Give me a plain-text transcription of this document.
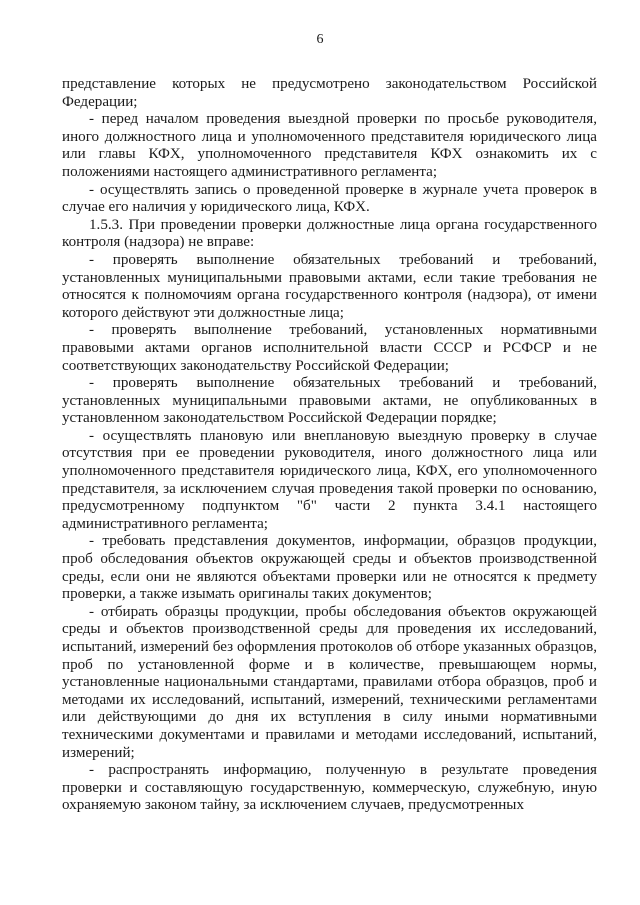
6

представление которых не предусмотрено законодательством Российской Федерации;

- перед началом проведения выездной проверки по просьбе руководителя, иного должностного лица и уполномоченного представителя юридического лица или главы КФХ, уполномоченного представителя КФХ ознакомить их с положениями настоящего административного регламента;

- осуществлять запись о проведенной проверке в журнале учета проверок в случае его наличия у юридического лица, КФХ.

1.5.3. При проведении проверки должностные лица органа государственного контроля (надзора) не вправе:

- проверять выполнение обязательных требований и требований, установленных муниципальными правовыми актами, если такие требования не относятся к полномочиям органа государственного контроля (надзора), от имени которого действуют эти должностные лица;

- проверять выполнение требований, установленных нормативными правовыми актами органов исполнительной власти СССР и РСФСР и не соответствующих законодательству Российской Федерации;

- проверять выполнение обязательных требований и требований, установленных муниципальными правовыми актами, не опубликованных в установленном законодательством Российской Федерации порядке;

- осуществлять плановую или внеплановую выездную проверку в случае отсутствия при ее проведении руководителя, иного должностного лица или уполномоченного представителя юридического лица, КФХ, его уполномоченного представителя, за исключением случая проведения такой проверки по основанию, предусмотренному подпунктом "б" части 2 пункта 3.4.1 настоящего административного регламента;

- требовать представления документов, информации, образцов продукции, проб обследования объектов окружающей среды и объектов производственной среды, если они не являются объектами проверки или не относятся к предмету проверки, а также изымать оригиналы таких документов;

- отбирать образцы продукции, пробы обследования объектов окружающей среды и объектов производственной среды для проведения их исследований, испытаний, измерений без оформления протоколов об отборе указанных образцов, проб по установленной форме и в количестве, превышающем нормы, установленные национальными стандартами, правилами отбора образцов, проб и методами их исследований, испытаний, измерений, техническими регламентами или действующими до дня их вступления в силу иными нормативными техническими документами и правилами и методами исследований, испытаний, измерений;

- распространять информацию, полученную в результате проведения проверки и составляющую государственную, коммерческую, служебную, иную охраняемую законом тайну, за исключением случаев, предусмотренных
